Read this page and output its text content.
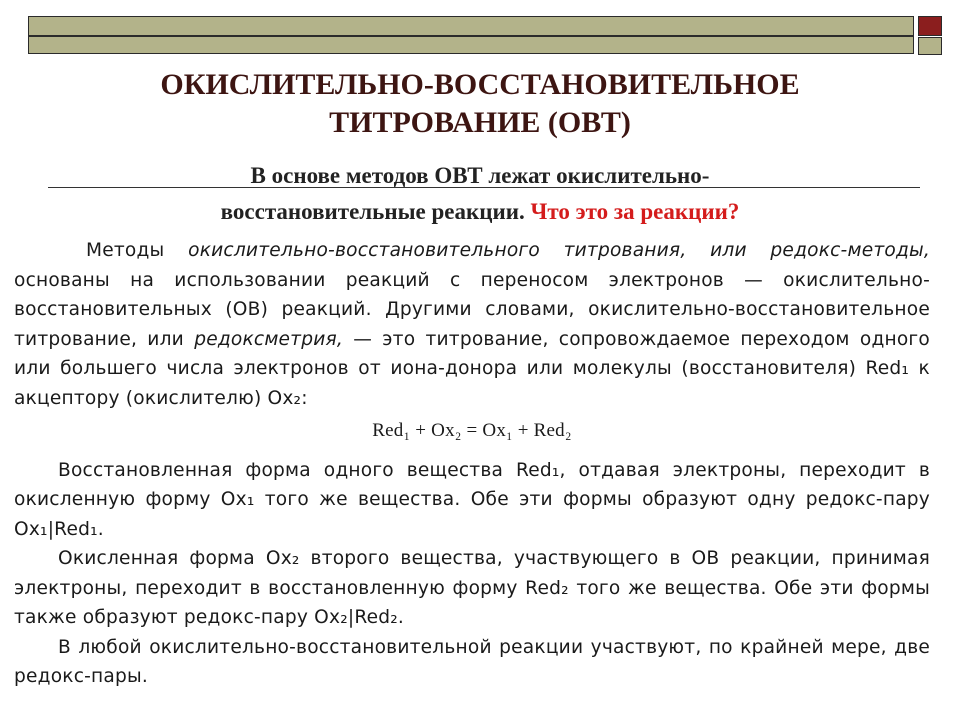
ОКИСЛИТЕЛЬНО-ВОССТАНОВИТЕЛЬНОЕ
ТИТРОВАНИЕ (ОВТ)
В основе методов ОВТ лежат окислительно-
восстановительные реакции. Что это за реакции?

Методы окислительно-восстановительного титрования, или редокс-методы, основаны на использовании реакций с переносом электронов — окислительно-восстановительных (ОВ) реакций. Другими словами, окислительно-восстановительное титрование, или редоксметрия, — это титрование, сопровождаемое переходом одного или большего числа электронов от иона-донора или молекулы (восстановителя) Red₁ к акцептору (окислителю) Ox₂:

Red₁ + Ox₂ = Ox₁ + Red₂

Восстановленная форма одного вещества Red₁, отдавая электроны, переходит в окисленную форму Ox₁ того же вещества. Обе эти формы образуют одну редокс-пару Ox₁|Red₁.

Окисленная форма Ox₂ второго вещества, участвующего в ОВ реакции, принимая электроны, переходит в восстановленную форму Red₂ того же вещества. Обе эти формы также образуют редокс-пару Ox₂|Red₂.

В любой окислительно-восстановительной реакции участвуют, по крайней мере, две редокс-пары.
